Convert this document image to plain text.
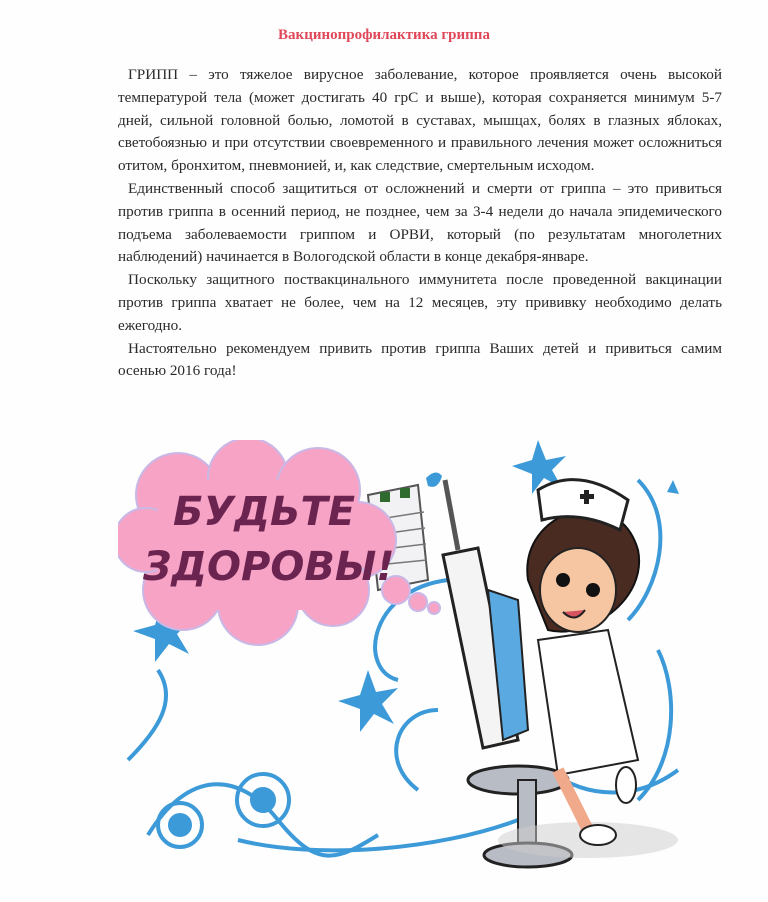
Вакцинопрофилактика гриппа

ГРИПП – это тяжелое вирусное заболевание, которое проявляется очень высокой температурой тела (может достигать 40 грС и выше), которая сохраняется минимум 5-7 дней, сильной головной болью, ломотой в суставах, мышцах, болях в глазных яблоках, светобоязнью и при отсутствии своевременного и правильного лечения может осложниться отитом, бронхитом, пневмонией, и, как следствие, смертельным исходом.

Единственный способ защититься от осложнений и смерти от гриппа – это привиться против гриппа в осенний период, не позднее, чем за 3-4 недели до начала эпидемического подъема заболеваемости гриппом и ОРВИ, который (по результатам многолетних наблюдений) начинается в Вологодской области в конце декабря-январе.

Поскольку защитного поствакцинального иммунитета после проведенной вакцинации против гриппа хватает не более, чем на 12 месяцев, эту прививку необходимо делать ежегодно.

Настоятельно рекомендуем привить против гриппа Ваших детей и привиться самим осенью 2016 года!

БУДЬТЕ
ЗДОРОВЫ!
